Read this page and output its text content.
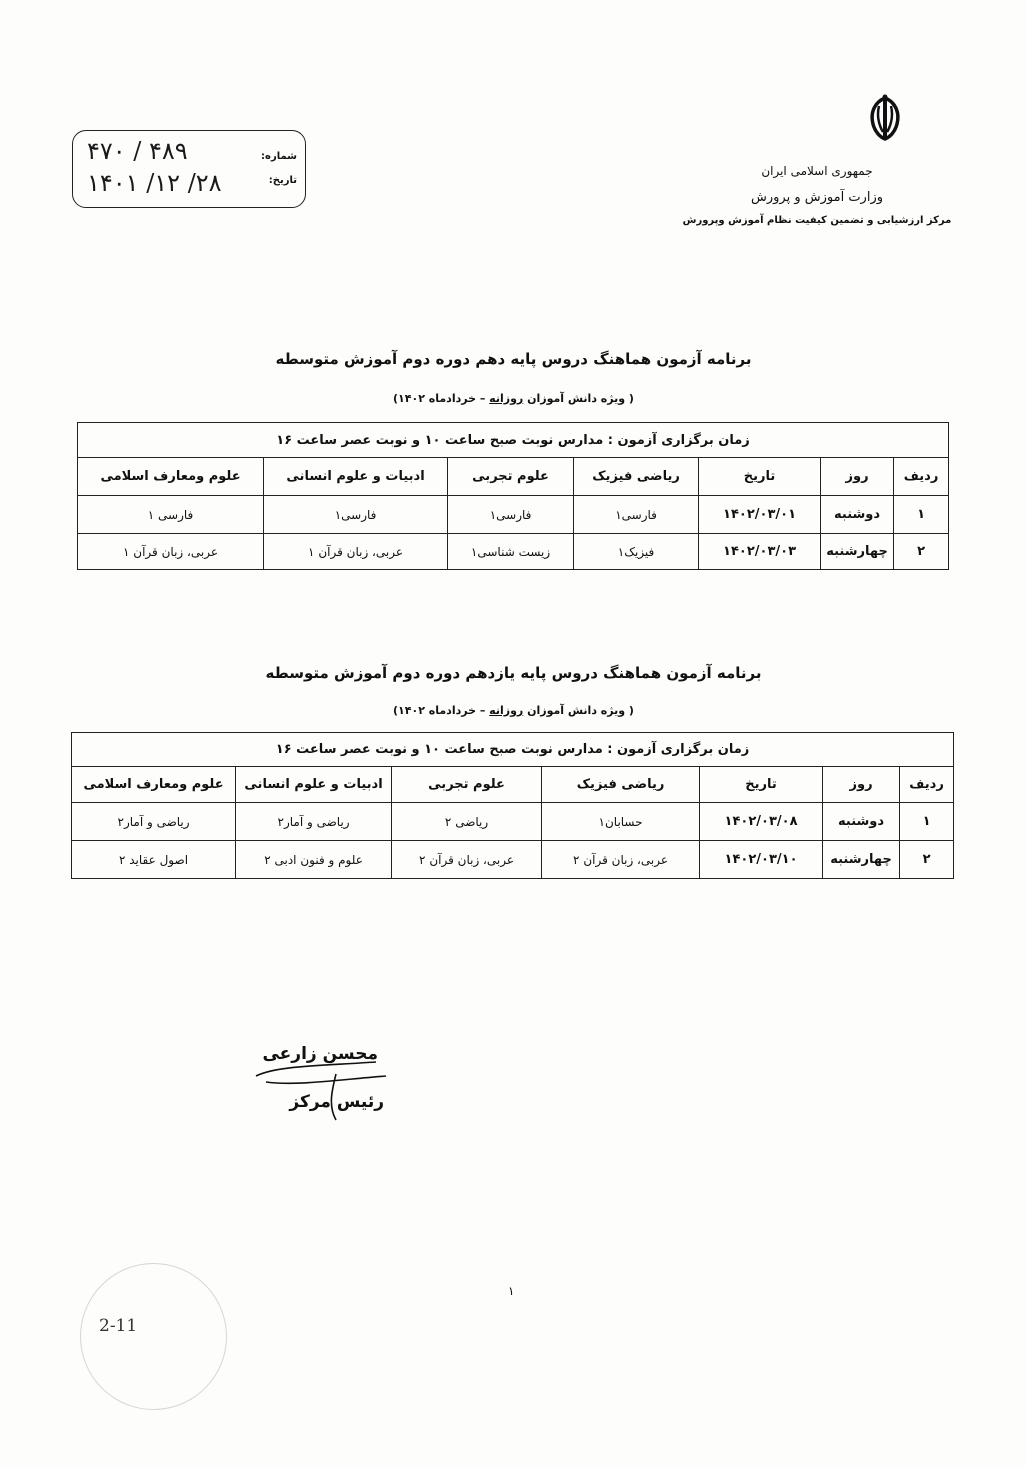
جمهوری اسلامی ایران
وزارت آموزش و پرورش
مرکز ارزشیابی و تضمین کیفیت نظام آموزش وپرورش
شماره:
تاریخ:
۴۷۰ / ۴۸۹
۱۴۰۱ /۱۲ /۲۸
برنامه آزمون هماهنگ دروس پایه دهم دوره دوم آموزش متوسطه
( ویژه دانش آموزان روزانه – خردادماه ۱۴۰۲)
زمان برگزاری آزمون : مدارس نوبت صبح ساعت ۱۰ و نوبت عصر ساعت ۱۶						
ردیف	روز	تاریخ	ریاضی فیزیک	علوم تجربی	ادبیات و علوم انسانی	علوم ومعارف اسلامی
۱	دوشنبه	۱۴۰۲/۰۳/۰۱	فارسی۱	فارسی۱	فارسی۱	فارسی ۱
۲	چهارشنبه	۱۴۰۲/۰۳/۰۳	فیزیک۱	زیست شناسی۱	عربی، زبان قرآن ۱	عربی، زبان قرآن ۱
برنامه آزمون هماهنگ دروس پایه یازدهم دوره دوم آموزش متوسطه
( ویژه دانش آموزان روزانه – خردادماه ۱۴۰۲)
زمان برگزاری آزمون : مدارس نوبت صبح ساعت ۱۰ و نوبت عصر ساعت ۱۶						
ردیف	روز	تاریخ	ریاضی فیزیک	علوم تجربی	ادبیات و علوم انسانی	علوم ومعارف اسلامی
۱	دوشنبه	۱۴۰۲/۰۳/۰۸	حسابان۱	ریاضی ۲	ریاضی و آمار۲	ریاضی و آمار۲
۲	چهارشنبه	۱۴۰۲/۰۳/۱۰	عربی، زبان قرآن ۲	عربی، زبان قرآن ۲	علوم و فنون ادبی ۲	اصول عقاید ۲
محسن زارعی
رئیس مرکز
۱
2-11
